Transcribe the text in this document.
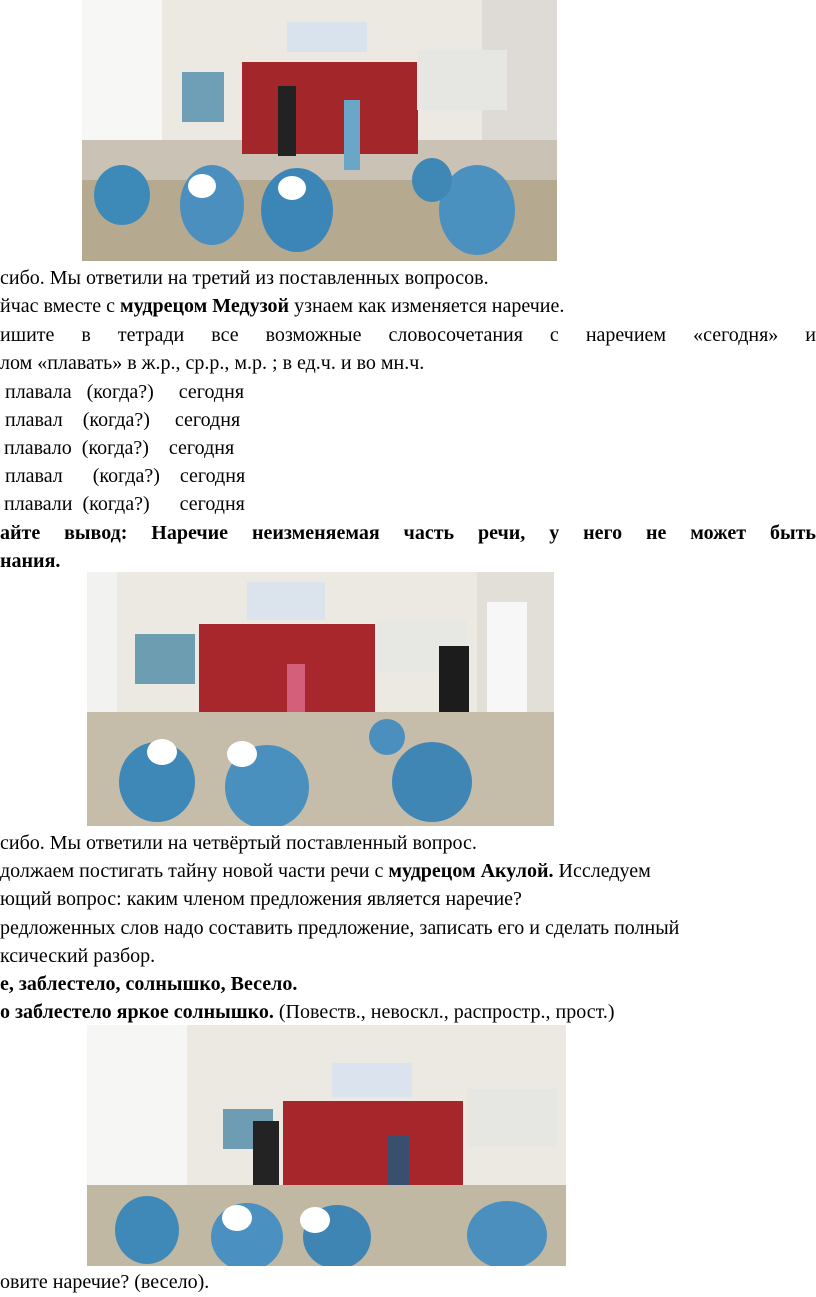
сибо. Мы ответили на третий из поставленных вопросов.
йчас вместе с мудрецом Медузой узнаем как изменяется наречие.
ишите в тетради все возможные словосочетания с наречием «сегодня» и
лом «плавать» в ж.р., ср.р., м.р. ; в ед.ч. и во мн.ч.
плавала   (когда?)     сегодня
плавал    (когда?)     сегодня
 плавало  (когда?)    сегодня
плавал      (когда?)    сегодня
 плавали  (когда?)      сегодня
айте вывод: Наречие неизменяемая часть речи, у него не может быть
нания.
сибо. Мы ответили на четвёртый поставленный вопрос.
должаем постигать тайну новой части речи с мудрецом Акулой. Исследуем
ющий вопрос: каким членом предложения является наречие?
редложенных слов надо составить предложение, записать его и сделать полный
ксический разбор.
е, заблестело, солнышко, Весело.
о заблестело яркое солнышко. (Повеств., невоскл., распростр., прост.)
овите наречие? (весело).
